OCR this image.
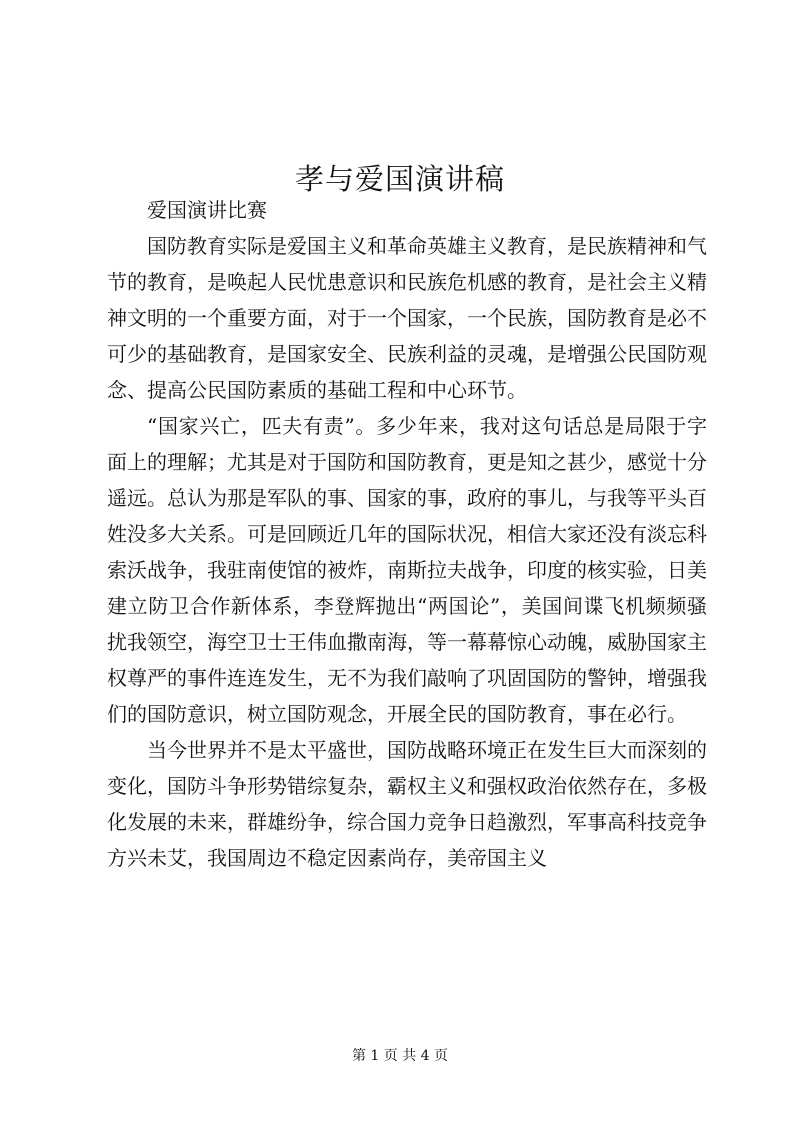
孝与爱国演讲稿

爱国演讲比赛

国防教育实际是爱国主义和革命英雄主义教育，是民族精神和气节的教育，是唤起人民忧患意识和民族危机感的教育，是社会主义精神文明的一个重要方面，对于一个国家，一个民族，国防教育是必不可少的基础教育，是国家安全、民族利益的灵魂，是增强公民国防观念、提高公民国防素质的基础工程和中心环节。

“国家兴亡，匹夫有责”。多少年来，我对这句话总是局限于字面上的理解；尤其是对于国防和国防教育，更是知之甚少，感觉十分遥远。总认为那是军队的事、国家的事，政府的事儿，与我等平头百姓没多大关系。可是回顾近几年的国际状况，相信大家还没有淡忘科索沃战争，我驻南使馆的被炸，南斯拉夫战争，印度的核实验，日美建立防卫合作新体系，李登辉抛出“两国论”，美国间谍飞机频频骚扰我领空，海空卫士王伟血撒南海，等一幕幕惊心动魄，威胁国家主权尊严的事件连连发生，无不为我们敲响了巩固国防的警钟，增强我们的国防意识，树立国防观念，开展全民的国防教育，事在必行。

当今世界并不是太平盛世，国防战略环境正在发生巨大而深刻的变化，国防斗争形势错综复杂，霸权主义和强权政治依然存在，多极化发展的未来，群雄纷争，综合国力竞争日趋激烈，军事高科技竞争方兴未艾，我国周边不稳定因素尚存，美帝国主义

第 1 页 共 4 页
